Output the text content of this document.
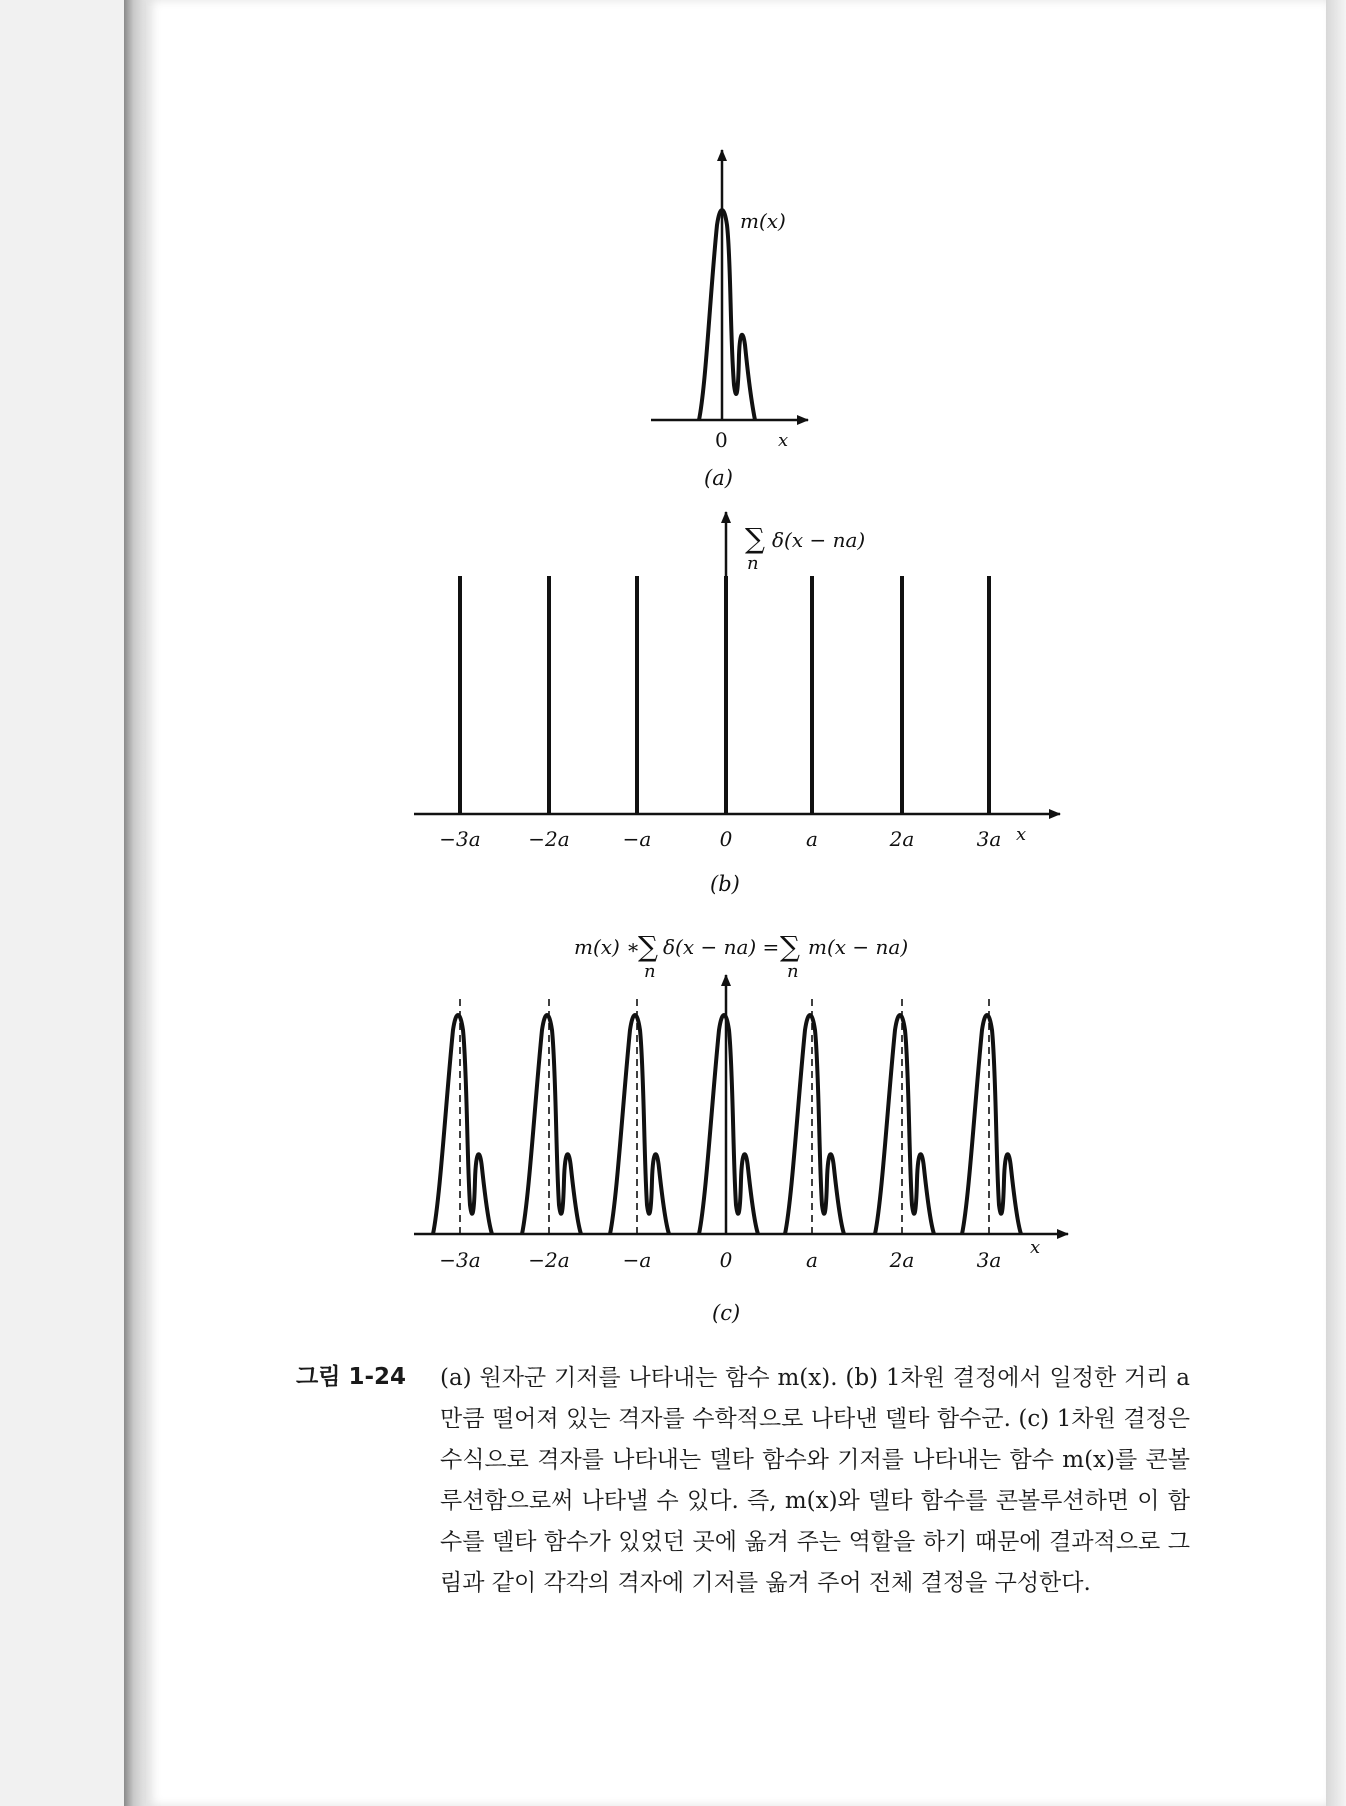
m(x)
0	x
(a)
−3a −2a	−a	0	a	2a	3a
∑
n
δ(x − na)
x
(b)
m(x) ∗
∑
n
δ(x − na) = ∑
n
m(x − na)
−3a −2a	−a	0	a	2a	3a
x
(c)
그림 1-24 (a) 원자군 기저를 나타내는 함수 m(x). (b) 1차원 결정에서 일정한 거리 a만큼 떨어져 있는 격자를 수학적으로 나타낸 델타 함수군. (c) 1차원 결정은 수식으로 격자를 나타내는 델타 함수와 기저를 나타내는 함수 m(x)를 콘볼루션함으로써 나타낼 수 있다. 즉, m(x)와 델타 함수를 콘볼루션하면 이 함수를 델타 함수가 있었던 곳에 옮겨 주는 역할을 하기 때문에 결과적으로 그림과 같이 각각의 격자에 기저를 옮겨 주어 전체 결정을 구성한다.
